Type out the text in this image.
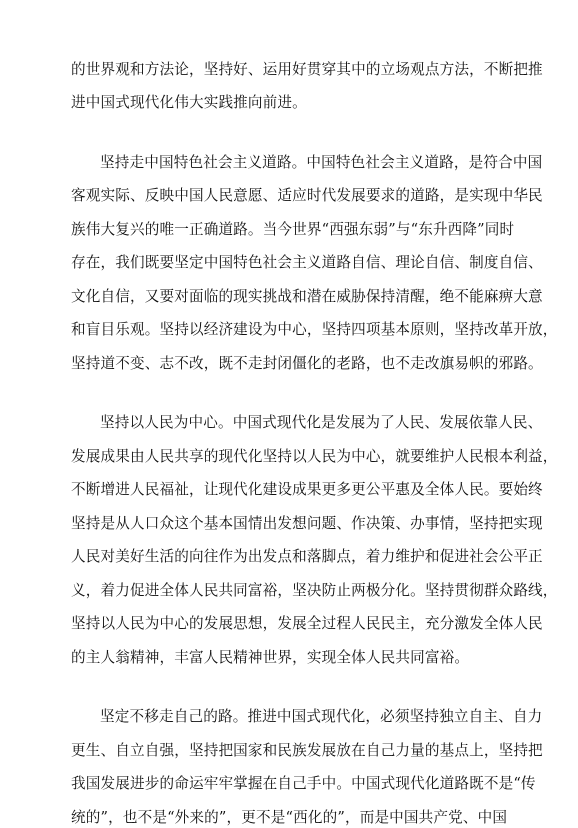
的世界观和方法论，坚持好、运用好贯穿其中的立场观点方法，不断把推

进中国式现代化伟大实践推向前进。

坚持走中国特色社会主义道路。中国特色社会主义道路，是符合中国

客观实际、反映中国人民意愿、适应时代发展要求的道路，是实现中华民

族伟大复兴的唯一正确道路。当今世界“西强东弱”与“东升西降”同时

存在，我们既要坚定中国特色社会主义道路自信、理论自信、制度自信、

文化自信，又要对面临的现实挑战和潜在威胁保持清醒，绝不能麻痹大意

和盲目乐观。坚持以经济建设为中心，坚持四项基本原则，坚持改革开放，

坚持道不变、志不改，既不走封闭僵化的老路，也不走改旗易帜的邪路。

坚持以人民为中心。中国式现代化是发展为了人民、发展依靠人民、

发展成果由人民共享的现代化坚持以人民为中心，就要维护人民根本利益，

不断增进人民福祉，让现代化建设成果更多更公平惠及全体人民。要始终

坚持是从人口众这个基本国情出发想问题、作决策、办事情，坚持把实现

人民对美好生活的向往作为出发点和落脚点，着力维护和促进社会公平正

义，着力促进全体人民共同富裕，坚决防止两极分化。坚持贯彻群众路线，

坚持以人民为中心的发展思想，发展全过程人民民主，充分激发全体人民

的主人翁精神，丰富人民精神世界，实现全体人民共同富裕。

坚定不移走自己的路。推进中国式现代化，必须坚持独立自主、自力

更生、自立自强，坚持把国家和民族发展放在自己力量的基点上，坚持把

我国发展进步的命运牢牢掌握在自己手中。中国式现代化道路既不是“传

统的”，也不是“外来的”，更不是“西化的”，而是中国共产党、中国
